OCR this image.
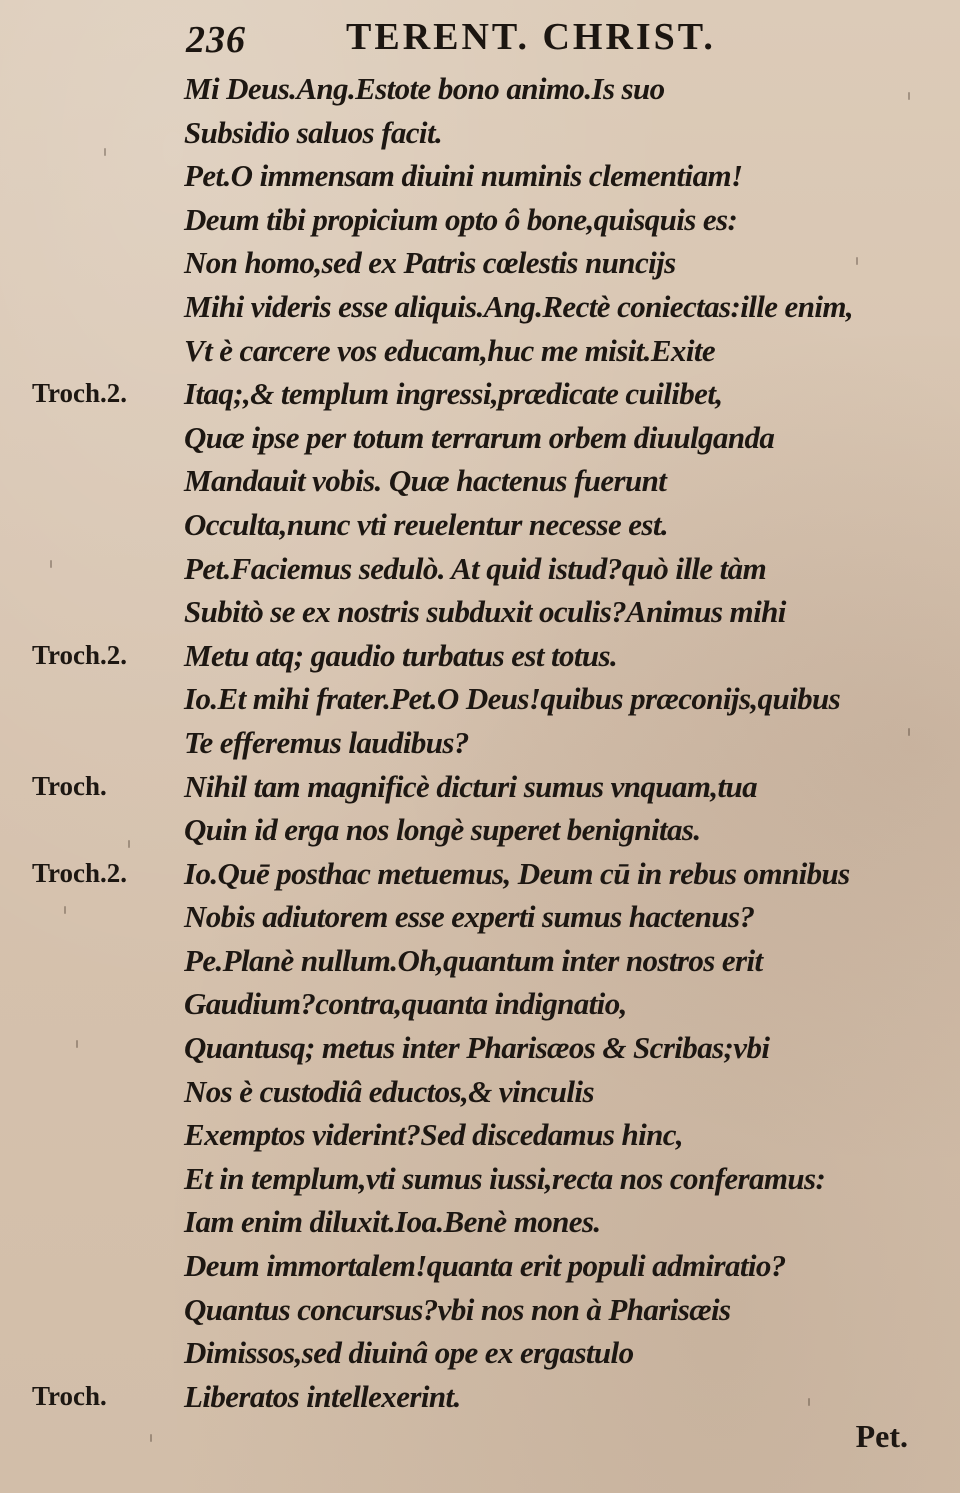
236	TERENT. CHRIST.
Mi Deus.Ang.Estote bono animo.Is suo
Subsidio saluos facit.
Pet.O immensam diuini numinis clementiam!
Deum tibi propicium opto ô bone,quisquis es:
Non homo,sed ex Patris cœlestis nuncijs
Mihi videris esse aliquis.Ang.Rectè coniectas:ille enim,
Vt è carcere vos educam,huc me misit.Exite
Troch.2. Itaq;,& templum ingressi,prædicate cuilibet,
Quæ ipse per totum terrarum orbem diuulganda
Mandauit vobis. Quæ hactenus fuerunt
Occulta,nunc vti reuelentur necesse est.
Pet.Faciemus sedulò. At quid istud?quò ille tàm
Subitò se ex nostris subduxit oculis?Animus mihi
Troch.2. Metu atq; gaudio turbatus est totus.
Io.Et mihi frater.Pet.O Deus!quibus præconijs,quibus
Te efferemus laudibus?
Troch. Nihil tam magnificè dicturi sumus vnquam,tua
Quin id erga nos longè superet benignitas.
Troch.2. Io.Quē posthac metuemus, Deum cū in rebus omnibus
Nobis adiutorem esse experti sumus hactenus?
Pe.Planè nullum.Oh,quantum inter nostros erit
Gaudium?contra,quanta indignatio,
Quantusq; metus inter Pharisæos & Scribas;vbi
Nos è custodiâ eductos,& vinculis
Exemptos viderint?Sed discedamus hinc,
Et in templum,vti sumus iussi,recta nos conferamus:
Iam enim diluxit.Ioa.Benè mones.
Deum immortalem!quanta erit populi admiratio?
Quantus concursus?vbi nos non à Pharisæis
Dimissos,sed diuinâ ope ex ergastulo
Troch. Liberatos intellexerint.
Pet.
